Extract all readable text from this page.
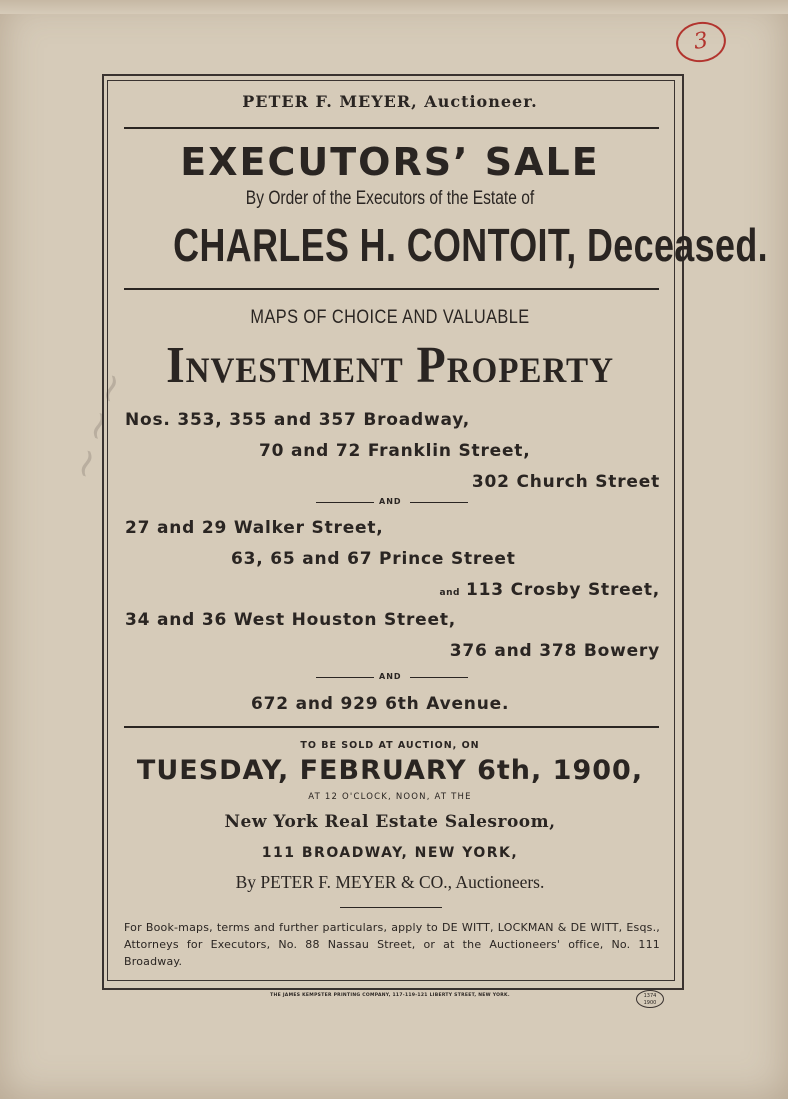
~~~
3

PETER F. MEYER, Auctioneer.

EXECUTORS’ SALE

By Order of the Executors of the Estate of

CHARLES H. CONTOIT, Deceased.

MAPS OF CHOICE AND VALUABLE

Investment Property

Nos. 353, 355 and 357 Broadway,

70 and 72 Franklin Street,

302 Church Street

AND

27 and 29 Walker Street,

63, 65 and 67 Prince Street

and 113 Crosby Street,

34 and 36 West Houston Street,

376 and 378 Bowery

AND

672 and 929 6th Avenue.

TO BE SOLD AT AUCTION, ON

TUESDAY, FEBRUARY 6th, 1900,

AT 12 O'CLOCK, NOON, AT THE

New York Real Estate Salesroom,

111 BROADWAY, NEW YORK,

By PETER F. MEYER & CO., Auctioneers.

For Book-maps, terms and further particulars, apply to DE WITT, LOCKMAN & DE WITT, Esqs., Attorneys for Executors, No. 88 Nassau Street, or at the Auctioneers' office, No. 111 Broadway.

THE JAMES KEMPSTER PRINTING COMPANY, 117-119-121 LIBERTY STREET, NEW YORK.	1374
1900
